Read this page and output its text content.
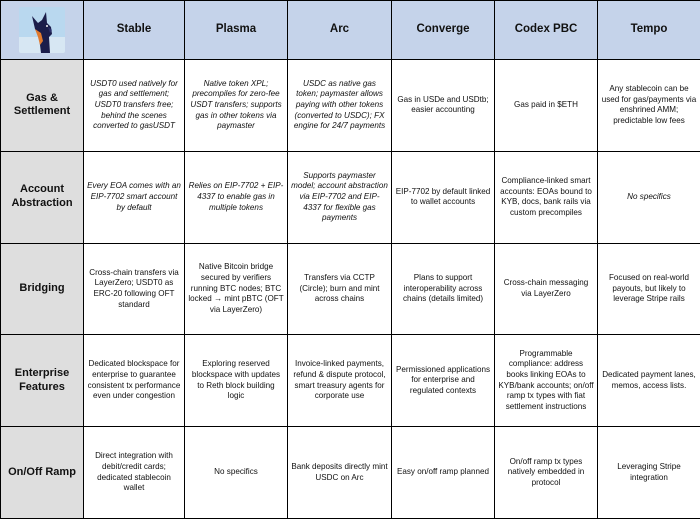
	Stable	Plasma	Arc	Converge	Codex PBC	Tempo
Gas & Settlement	USDT0 used natively for gas and settlement; USDT0 transfers free; behind the scenes converted to gasUSDT	Native token XPL; precompiles for zero-fee USDT transfers; supports gas in other tokens via paymaster	USDC as native gas token; paymaster allows paying with other tokens (converted to USDC); FX engine for 24/7 payments	Gas in USDe and USDtb; easier accounting	Gas paid in $ETH	Any stablecoin can be used for gas/payments via enshrined AMM; predictable low fees
Account Abstraction	Every EOA comes with an EIP-7702 smart account by default	Relies on EIP-7702 + EIP-4337 to enable gas in multiple tokens	Supports paymaster model; account abstraction via EIP-7702 and EIP-4337 for flexible gas payments	EIP-7702 by default linked to wallet accounts	Compliance-linked smart accounts: EOAs bound to KYB, docs, bank rails via custom precompiles	No specifics
Bridging	Cross-chain transfers via LayerZero; USDT0 as ERC-20 following OFT standard	Native Bitcoin bridge secured by verifiers running BTC nodes; BTC locked → mint pBTC (OFT via LayerZero)	Transfers via CCTP (Circle); burn and mint across chains	Plans to support interoperability across chains (details limited)	Cross-chain messaging via LayerZero	Focused on real-world payouts, but likely to leverage Stripe rails
Enterprise Features	Dedicated blockspace for enterprise to guarantee consistent tx performance even under congestion	Exploring reserved blockspace with updates to Reth block building logic	Invoice-linked payments, refund & dispute protocol, smart treasury agents for corporate use	Permissioned applications for enterprise and regulated contexts	Programmable compliance: address books linking EOAs to KYB/bank accounts; on/off ramp tx types with fiat settlement instructions	Dedicated payment lanes, memos, access lists.
On/Off Ramp	Direct integration with debit/credit cards; dedicated stablecoin wallet	No specifics	Bank deposits directly mint USDC on Arc	Easy on/off ramp planned	On/off ramp tx types natively embedded in protocol	Leveraging Stripe integration
